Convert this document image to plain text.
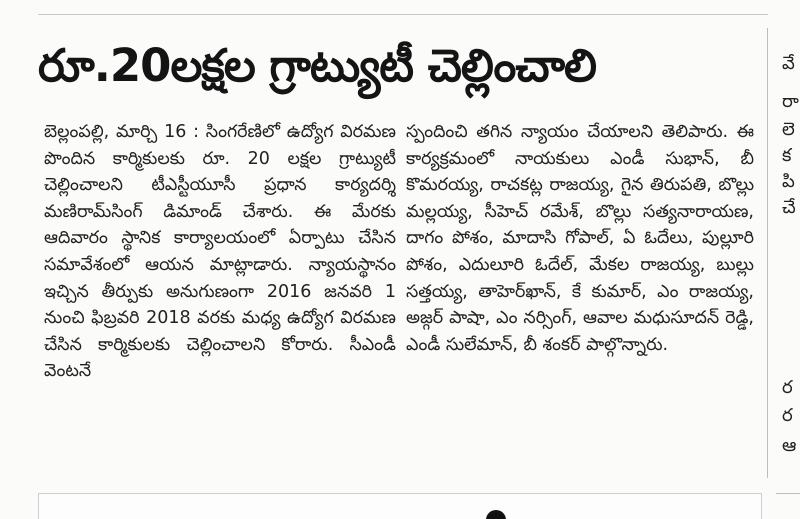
రూ.20లక్షల గ్రాట్యుటీ చెల్లించాలి

బెల్లంపల్లి, మార్చి 16 : సింగరేణిలో ఉద్యోగ విరమణ పొందిన కార్మికులకు రూ. 20 లక్షల గ్రాట్యుటీ చెల్లించాలని టీఎస్టీయూసీ ప్రధాన కార్యదర్శి మణిరామ్‌సింగ్ డిమాండ్ చేశారు. ఈ మేరకు ఆదివారం స్థానిక కార్యాలయంలో ఏర్పాటు చేసిన సమావేశంలో ఆయన మాట్లాడారు. న్యాయస్థానం ఇచ్చిన తీర్పుకు అనుగుణంగా 2016 జనవరి 1 నుంచి ఫిబ్రవరి 2018 వరకు మధ్య ఉద్యోగ విరమణ చేసిన కార్మికులకు చెల్లించాలని కోరారు. సీఎండీ వెంటనే

స్పందించి తగిన న్యాయం చేయాలని తెలిపారు. ఈ కార్యక్రమంలో నాయకులు ఎండీ సుభాన్, బీ కొమరయ్య, రాచకట్ల రాజయ్య, గైన తిరుపతి, బొల్లు మల్లయ్య, సీహెచ్ రమేశ్, బొల్లు సత్యనారాయణ, దాగం పోశం, మాదాసి గోపాల్, ఏ ఓదేలు, పుల్లూరి పోశం, ఎదులూరి ఓదేల్, మేకల రాజయ్య, బుల్లు సత్తయ్య, తాహెర్‌ఖాన్, కే కుమార్, ఎం రాజయ్య, అజ్గర్ పాషా, ఎం నర్సింగ్, ఆవాల మధుసూదన్ రెడ్డి, ఎండీ సులేమాన్, బీ శంకర్ పాల్గొన్నారు.

వే
రా
లె
క
పి
చే
ర
ర
ఆ
